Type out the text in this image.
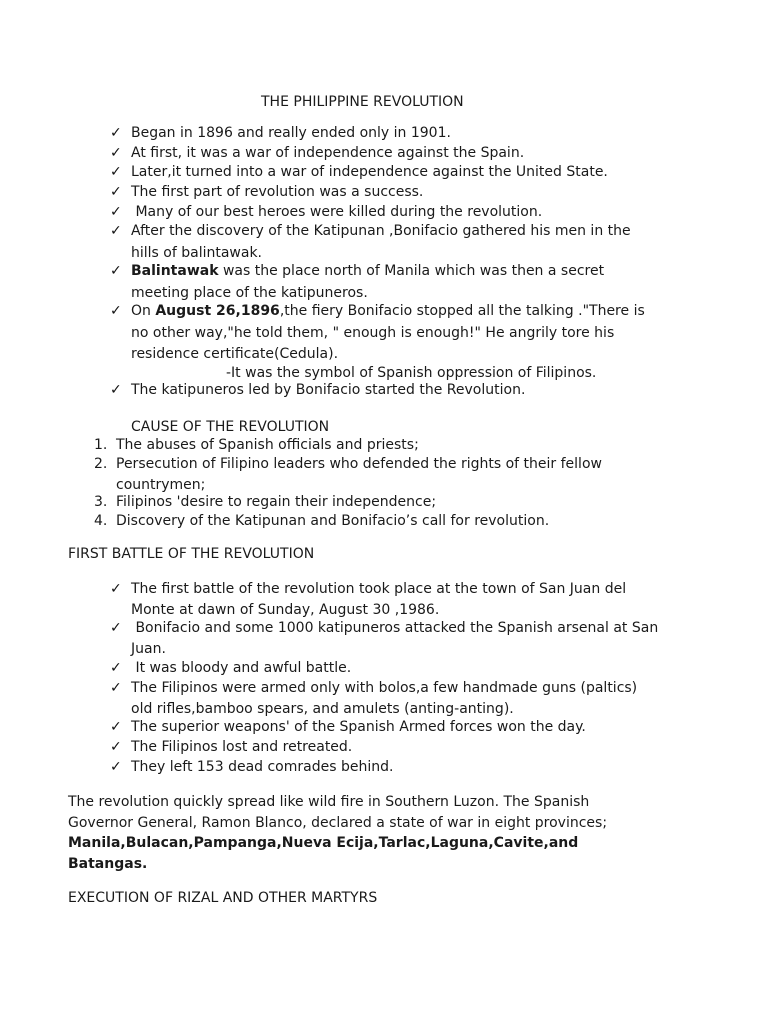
THE PHILIPPINE REVOLUTION
✓ Began in 1896 and really ended only in 1901.
✓ At first, it was a war of independence against the Spain.
✓ Later,it turned into a war of independence against the United State.
✓ The first part of revolution was a success.
✓ Many of our best heroes were killed during the revolution.
✓ After the discovery of the Katipunan ,Bonifacio gathered his men in the
hills of balintawak.
✓ Balintawak was the place north of Manila which was then a secret
meeting place of the katipuneros.
✓ On August 26,1896,the fiery Bonifacio stopped all the talking ."There is
no other way,"he told them, " enough is enough!" He angrily tore his
residence certificate(Cedula).
-It was the symbol of Spanish oppression of Filipinos.
✓ The katipuneros led by Bonifacio started the Revolution.
CAUSE OF THE REVOLUTION
1. The abuses of Spanish officials and priests;
2. Persecution of Filipino leaders who defended the rights of their fellow
countrymen;
3. Filipinos 'desire to regain their independence;
4. Discovery of the Katipunan and Bonifacio’s call for revolution.
FIRST BATTLE OF THE REVOLUTION
✓ The first battle of the revolution took place at the town of San Juan del
Monte at dawn of Sunday, August 30 ,1986.
✓ Bonifacio and some 1000 katipuneros attacked the Spanish arsenal at San
Juan.
✓ It was bloody and awful battle.
✓ The Filipinos were armed only with bolos,a few handmade guns (paltics)
old rifles,bamboo spears, and amulets (anting-anting).
✓ The superior weapons' of the Spanish Armed forces won the day.
✓ The Filipinos lost and retreated.
✓ They left 153 dead comrades behind.
The revolution quickly spread like wild fire in Southern Luzon. The Spanish
Governor General, Ramon Blanco, declared a state of war in eight provinces;
Manila,Bulacan,Pampanga,Nueva Ecija,Tarlac,Laguna,Cavite,and
Batangas.
EXECUTION OF RIZAL AND OTHER MARTYRS
